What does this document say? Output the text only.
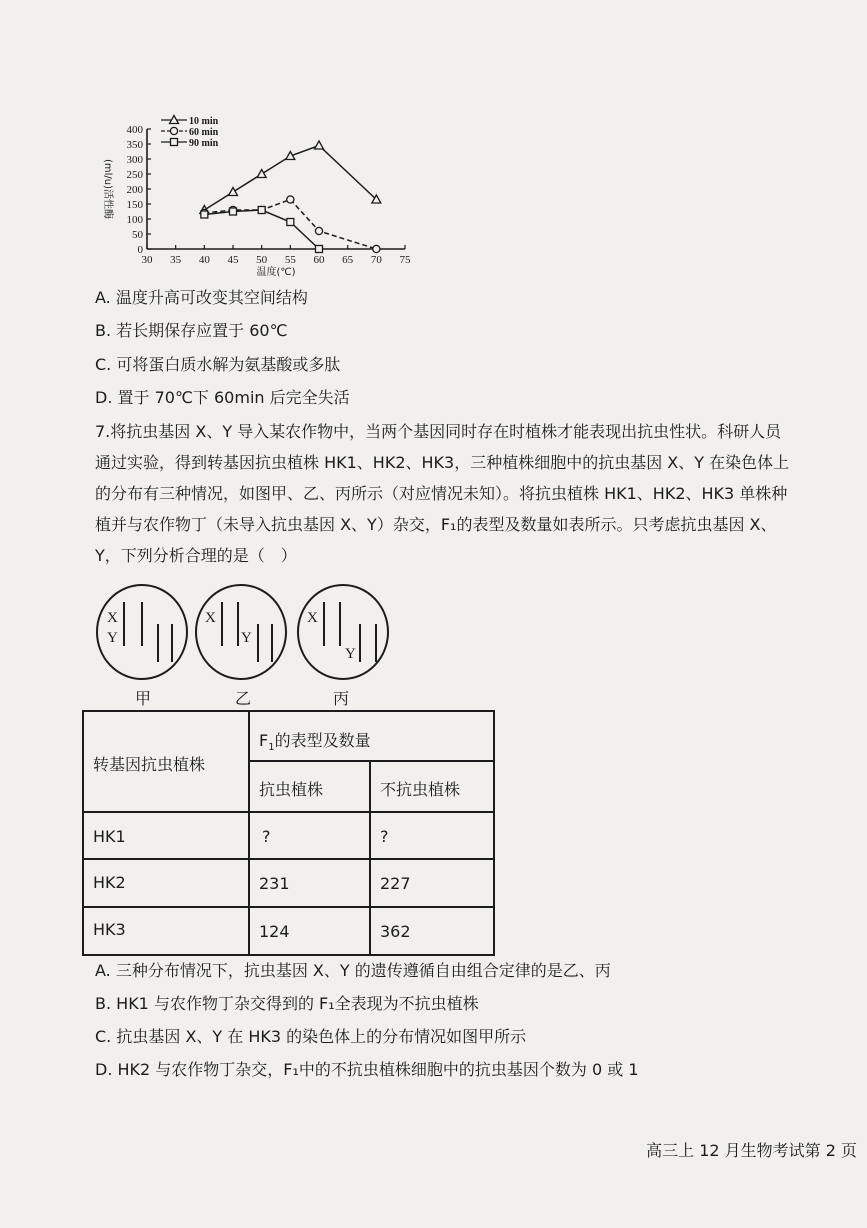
30 35 40 45 50 55 60 65 70 75
0
50
100
150
200
250
300
350
400
温度(℃)
(ml/u)活性酶
10 min
60 min
90 min
A. 温度升高可改变其空间结构
B. 若长期保存应置于 60℃
C. 可将蛋白质水解为氨基酸或多肽
D. 置于 70℃下 60min 后完全失活

7.将抗虫基因 X、Y 导入某农作物中，当两个基因同时存在时植株才能表现出抗虫性状。科研人员

通过实验，得到转基因抗虫植株 HK1、HK2、HK3，三种植株细胞中的抗虫基因 X、Y 在染色体上

的分布有三种情况，如图甲、乙、丙所示（对应情况未知）。将抗虫植株 HK1、HK2、HK3 单株种

植并与农作物丁（未导入抗虫基因 X、Y）杂交，F₁的表型及数量如表所示。只考虑抗虫基因 X、

Y，下列分析合理的是（　）

X
Y
X
Y
X
Y
甲	乙	丙
转基因抗虫植株
$F_1$的表型及数量
抗虫植株	不抗虫植株
HK1	?	?
HK2	231	227
HK3	124	362
A. 三种分布情况下，抗虫基因 X、Y 的遗传遵循自由组合定律的是乙、丙
B. HK1 与农作物丁杂交得到的 F₁全表现为不抗虫植株
C. 抗虫基因 X、Y 在 HK3 的染色体上的分布情况如图甲所示
D. HK2 与农作物丁杂交，F₁中的不抗虫植株细胞中的抗虫基因个数为 0 或 1
高三上 12 月生物考试第 2 页
